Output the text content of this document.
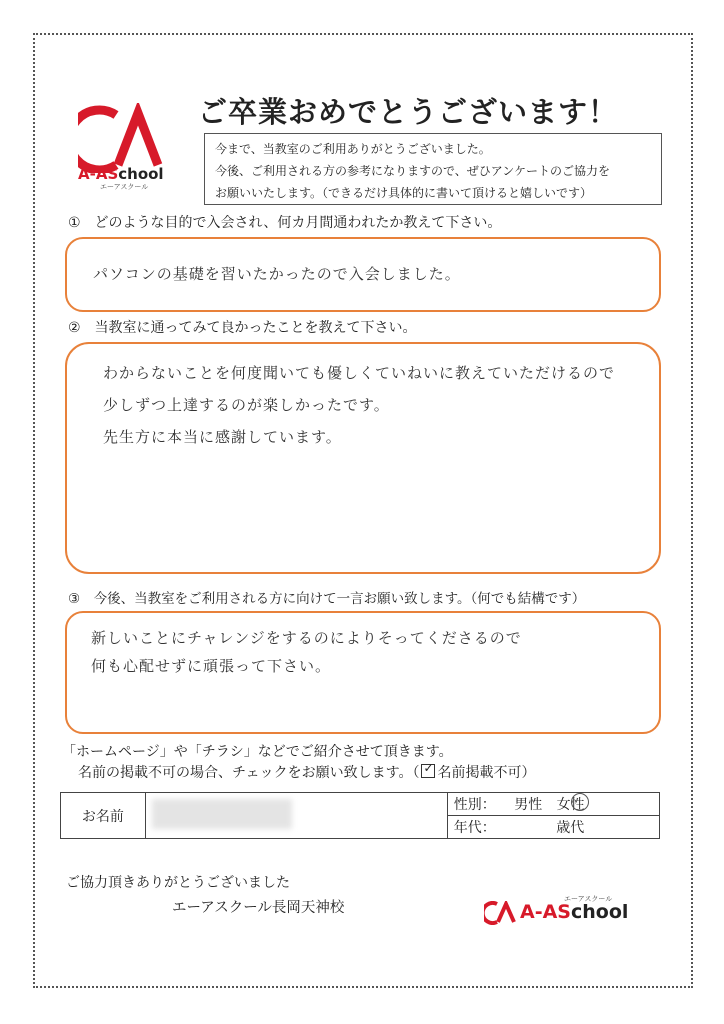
A-ASchool
エーアスクール
ご卒業おめでとうございます！
今まで、当教室のご利用ありがとうございました。
今後、ご利用される方の参考になりますので、ぜひアンケートのご協力を
お願いいたします。（できるだけ具体的に書いて頂けると嬉しいです）
①　どのような目的で入会され、何カ月間通われたか教えて下さい。
パソコンの基礎を習いたかったので入会しました。
②　当教室に通ってみて良かったことを教えて下さい。
わからないことを何度聞いても優しくていねいに教えていただけるので
少しずつ上達するのが楽しかったです。
先生方に本当に感謝しています。
③　今後、当教室をご利用される方に向けて一言お願い致します。（何でも結構です）
新しいことにチャレンジをするのによりそってくださるので
何も心配せずに頑張って下さい。
「ホームページ」や「チラシ」などでご紹介させて頂きます。
名前の掲載不可の場合、チェックをお願い致します。（ ✓ 名前掲載不可）
お名前		性別： 男性 女性

年代：	歳代
ご協力頂きありがとうございました
エーアスクール長岡天神校	A-ASchool
エーアスクール
